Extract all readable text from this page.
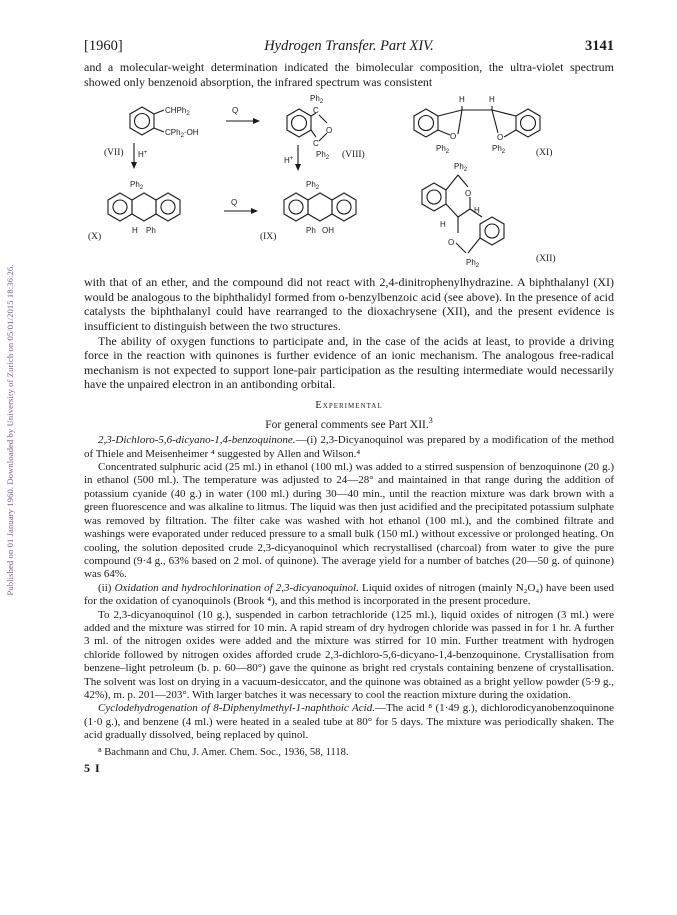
Published on 01 January 1960. Downloaded by University of Zurich on 05/01/2015 18:36:26.
[1960]	Hydrogen Transfer. Part XIV.	3141

and a molecular-weight determination indicated the bimolecular composition, the ultra-violet spectrum showed only benzenoid absorption, the infrared spectrum was consistent

CHPh$_2$
CPh$_2$·OH
(VII) H+
Q
$Ph_2$
C
O
C
$Ph_2$ (VIII)
H+
H	H
O	O
$Ph_2$	$Ph_2$	(XI)
$Ph_2$
H Ph
(X)
Q
$Ph_2$
Ph OH
(IX)
$Ph_2$
O
H
H
O
$Ph_2$
(XII)

with that of an ether, and the compound did not react with 2,4-dinitrophenylhydrazine. A biphthalanyl (XI) would be analogous to the biphthalidyl formed from o-benzylbenzoic acid (see above). In the presence of acid catalysts the biphthalanyl could have rearranged to the dioxachrysene (XII), and the present evidence is insufficient to distinguish between the two structures.

The ability of oxygen functions to participate and, in the case of the acids at least, to provide a driving force in the reaction with quinones is further evidence of an ionic mechanism. The analogous free-radical mechanism is not expected to support lone-pair participation as the resulting intermediate would necessarily have the unpaired electron in an antibonding orbital.

Experimental
For general comments see Part XII.$^3$

2,3-Dichloro-5,6-dicyano-1,4-benzoquinone.—(i) 2,3-Dicyanoquinol was prepared by a modification of the method of Thiele and Meisenheimer ⁴ suggested by Allen and Wilson.⁴

Concentrated sulphuric acid (25 ml.) in ethanol (100 ml.) was added to a stirred suspension of benzoquinone (20 g.) in ethanol (500 ml.). The temperature was adjusted to 24—28° and maintained in that range during the addition of potassium cyanide (40 g.) in water (100 ml.) during 30—40 min., until the reaction mixture was dark brown with a green fluorescence and was alkaline to litmus. The liquid was then just acidified and the precipitated potassium sulphate was removed by filtration. The filter cake was washed with hot ethanol (100 ml.), and the combined filtrate and washings were evaporated under reduced pressure to a small bulk (150 ml.) without excessive or prolonged heating. On cooling, the solution deposited crude 2,3-dicyanoquinol which recrystallised (charcoal) from water to give the pure compound (9·4 g., 63% based on 2 mol. of quinone). The average yield for a number of batches (20—50 g. of quinone) was 64%.

(ii) Oxidation and hydrochlorination of 2,3-dicyanoquinol. Liquid oxides of nitrogen (mainly N₂O₄) have been used for the oxidation of cyanoquinols (Brook ⁴), and this method is incorporated in the present procedure.

To 2,3-dicyanoquinol (10 g.), suspended in carbon tetrachloride (125 ml.), liquid oxides of nitrogen (3 ml.) were added and the mixture was stirred for 10 min. A rapid stream of dry hydrogen chloride was passed in for 1 hr. A further 3 ml. of the nitrogen oxides were added and the mixture was stirred for 10 min. Further treatment with hydrogen chloride followed by nitrogen oxides afforded crude 2,3-dichloro-5,6-dicyano-1,4-benzoquinone. Crystallisation from benzene–light petroleum (b. p. 60—80°) gave the quinone as bright red crystals containing benzene of crystallisation. The solvent was lost on drying in a vacuum-desiccator, and the quinone was obtained as a bright yellow powder (5·9 g., 42%), m. p. 201—203°. With larger batches it was necessary to cool the reaction mixture during the oxidation.

Cyclodehydrogenation of 8-Diphenylmethyl-1-naphthoic Acid.—The acid ⁸ (1·49 g.), dichlorodicyanobenzoquinone (1·0 g.), and benzene (4 ml.) were heated in a sealed tube at 80° for 5 days. The mixture was periodically shaken. The acid gradually dissolved, being replaced by quinol.

⁸ Bachmann and Chu, J. Amer. Chem. Soc., 1936, 58, 1118.
5 I
